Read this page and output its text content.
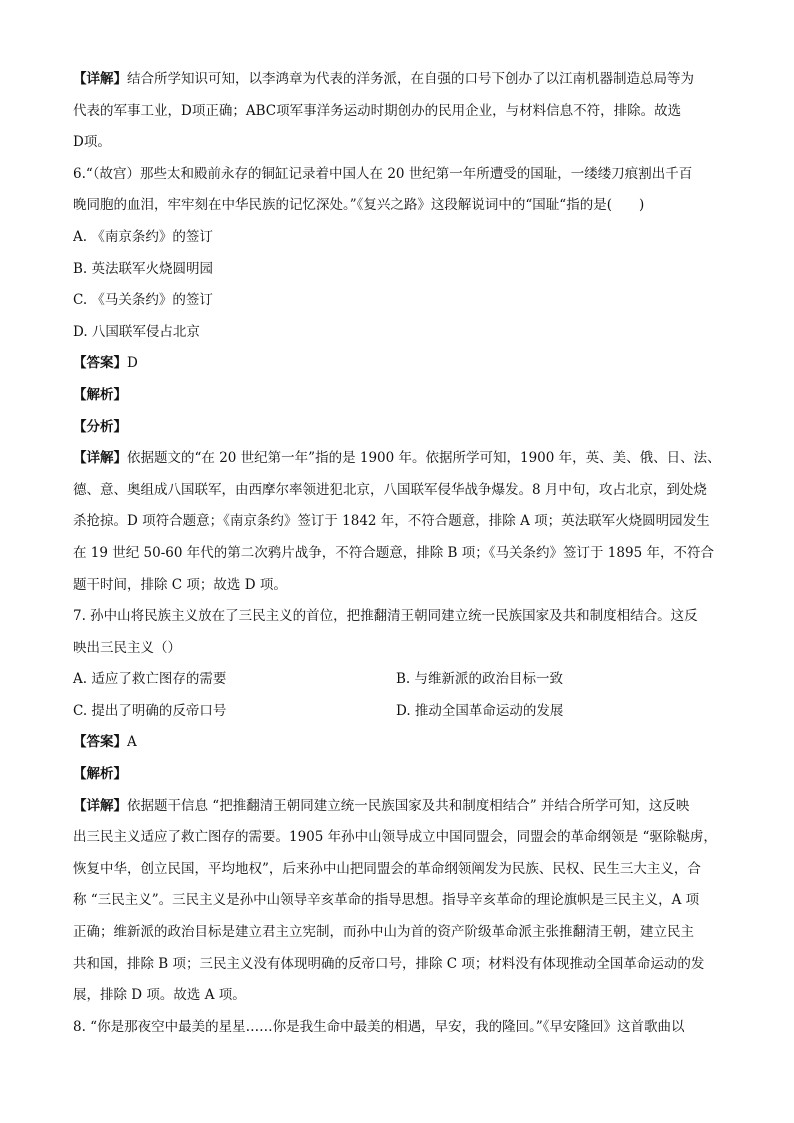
【详解】结合所学知识可知，以李鸿章为代表的洋务派，在自强的口号下创办了以江南机器制造总局等为
代表的军事工业，D项正确；ABC项军事洋务运动时期创办的民用企业，与材料信息不符，排除。故选
D项。
6.“（故宫）那些太和殿前永存的铜缸记录着中国人在 20 世纪第一年所遭受的国耻，一缕缕刀痕割出千百
晚同胞的血泪，牢牢刻在中华民族的记忆深处。”《复兴之路》这段解说词中的“国耻“指的是(　　)
A. 《南京条约》的签订
B. 英法联军火烧圆明园
C. 《马关条约》的签订
D. 八国联军侵占北京
【答案】D
【解析】
【分析】
【详解】依据题文的“在 20 世纪第一年”指的是 1900 年。依据所学可知，1900 年，英、美、俄、日、法、
德、意、奥组成八国联军，由西摩尔率领进犯北京，八国联军侵华战争爆发。8 月中旬，攻占北京，到处烧
杀抢掠。D 项符合题意；《南京条约》签订于 1842 年，不符合题意，排除 A 项；英法联军火烧圆明园发生
在 19 世纪 50-60 年代的第二次鸦片战争，不符合题意，排除 B 项；《马关条约》签订于 1895 年，不符合
题干时间，排除 C 项；故选 D 项。
7. 孙中山将民族主义放在了三民主义的首位，把推翻清王朝同建立统一民族国家及共和制度相结合。这反
映出三民主义（）
A. 适应了救亡图存的需要	B. 与维新派的政治目标一致
C. 提出了明确的反帝口号	D. 推动全国革命运动的发展
【答案】A
【解析】
【详解】依据题干信息 “把推翻清王朝同建立统一民族国家及共和制度相结合” 并结合所学可知，这反映
出三民主义适应了救亡图存的需要。1905 年孙中山领导成立中国同盟会，同盟会的革命纲领是 “驱除鞑虏，
恢复中华，创立民国，平均地权”，后来孙中山把同盟会的革命纲领阐发为民族、民权、民生三大主义，合
称 “三民主义”。三民主义是孙中山领导辛亥革命的指导思想。指导辛亥革命的理论旗帜是三民主义，A 项
正确；维新派的政治目标是建立君主立宪制，而孙中山为首的资产阶级革命派主张推翻清王朝，建立民主
共和国，排除 B 项；三民主义没有体现明确的反帝口号，排除 C 项；材料没有体现推动全国革命运动的发
展，排除 D 项。故选 A 项。
8. “你是那夜空中最美的星星……你是我生命中最美的相遇，早安，我的隆回。”《早安隆回》这首歌曲以
